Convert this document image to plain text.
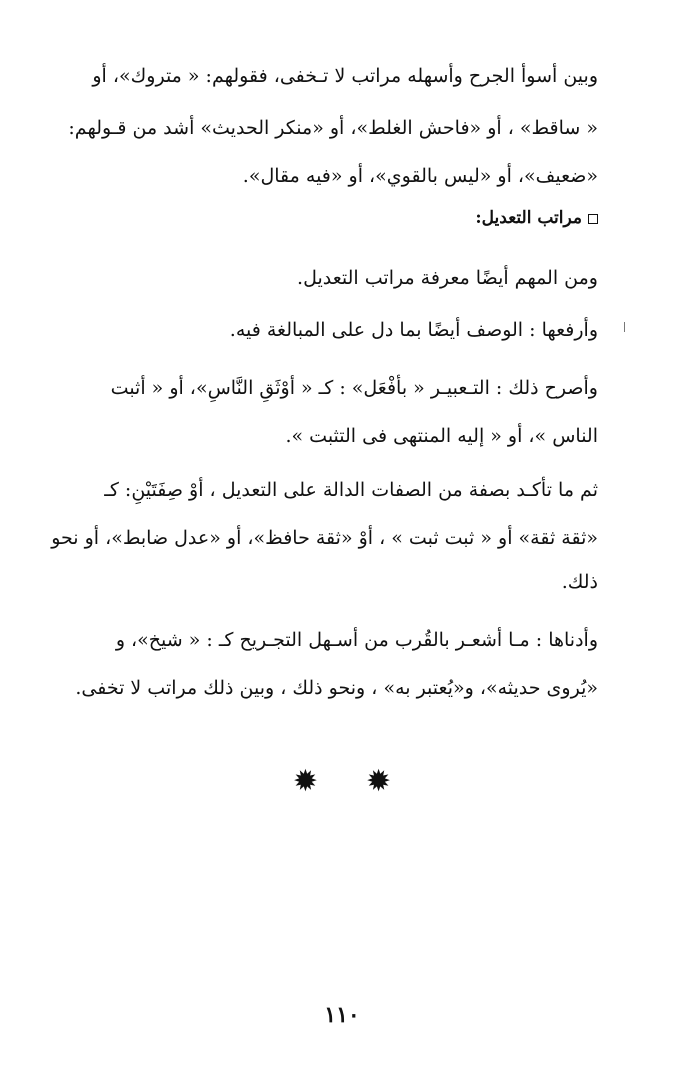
وبين أسوأ الجرح وأسهله مراتب لا تـخفى، فقولهم: « متروك»، أو
« ساقط» ، أو «فاحش الغلط»، أو «منكر الحديث» أشد من قـولهم:
«ضعيف»، أو «ليس بالقوي»، أو «فيه مقال».
مراتب التعديل:
ومن المهم أيضًا معرفة مراتب التعديل.
وأرفعها : الوصف أيضًا بما دل على المبالغة فيه.
وأصرح ذلك : التـعبيـر « بأفْعَل» : كـ « أوْثَقِ النَّاسِ»، أو « أثبت
الناس »، أو « إليه المنتهى فى التثبت ».
ثم ما تأكـد بصفة من الصفات الدالة على التعديل ، أوْ صِفَتَيْنِ: كـ
«ثقة ثقة» أو « ثبت ثبت » ، أوْ «ثقة حافظ»، أو «عدل ضابط»، أو نحو
ذلك.
وأدناها : مـا أشعـر بالقُرب من أسـهل التجـريح كـ : « شيخ»، و
«يُروى حديثه»، و«يُعتبر به» ، ونحو ذلك ، وبين ذلك مراتب لا تخفى.
✹ ✹
١١٠
